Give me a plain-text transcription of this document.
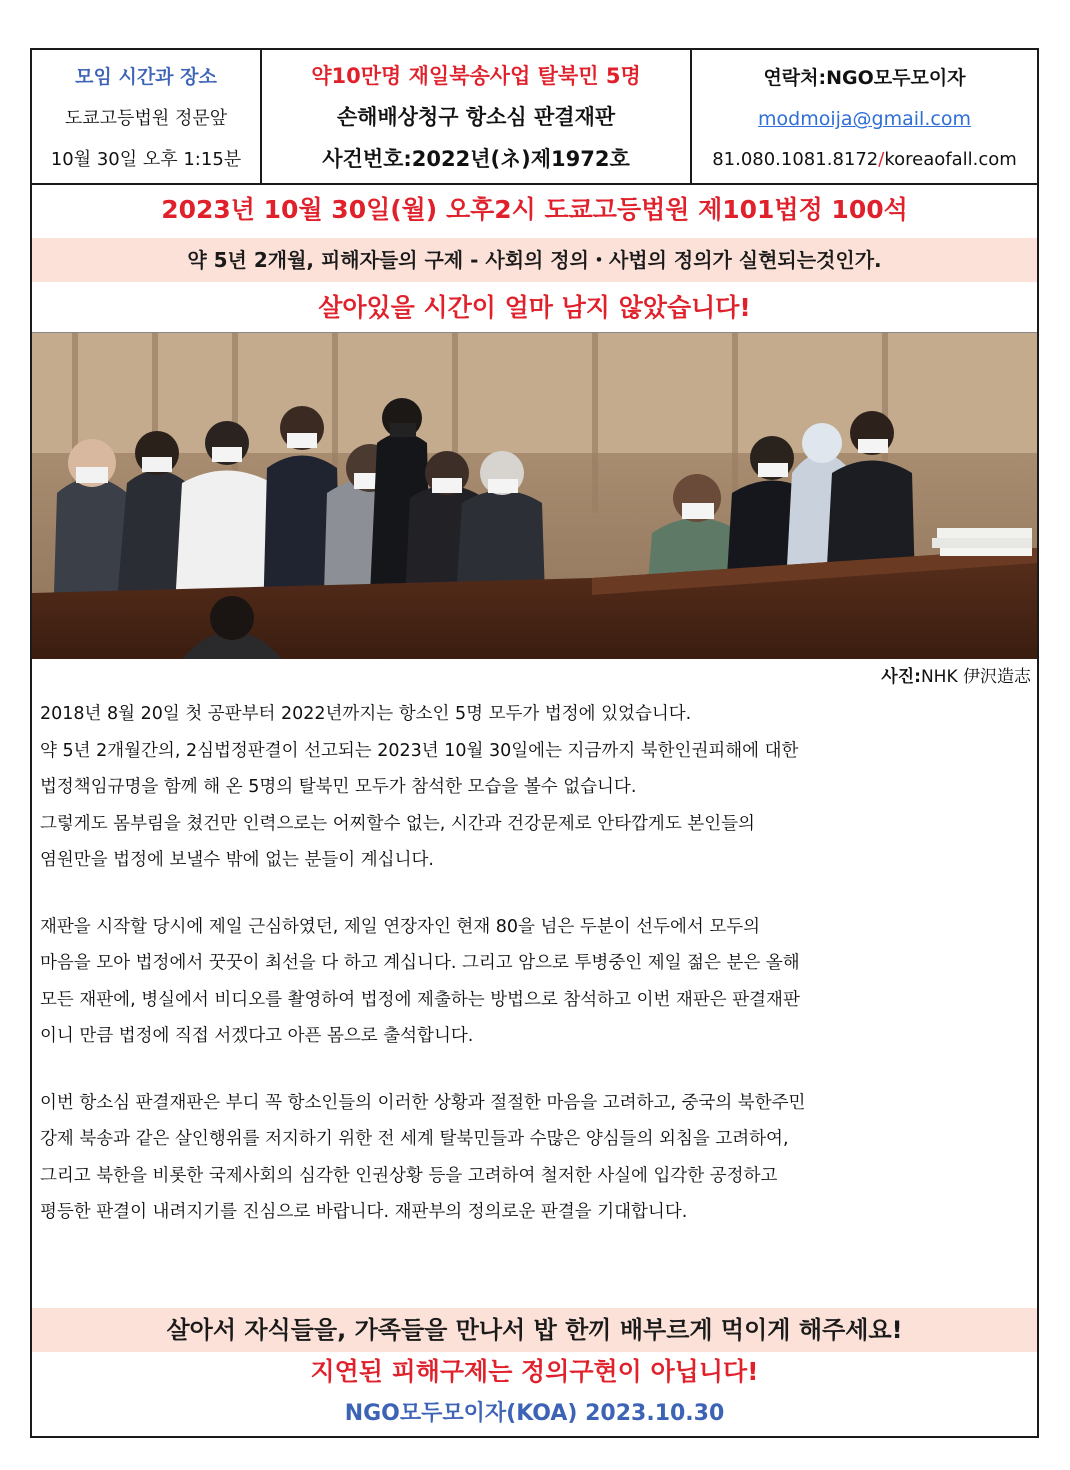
모임 시간과 장소
도쿄고등법원 정문앞
10월 30일 오후 1:15분
약10만명 재일북송사업 탈북민 5명
손해배상청구 항소심 판결재판
사건번호:2022년(ネ)제1972호
연락처:NGO모두모이자
modmoija@gmail.com
81.080.1081.8172/koreaofall.com
2023년 10월 30일(월) 오후2시 도쿄고등법원 제101법정 100석
약 5년 2개월, 피해자들의 구제 - 사회의 정의・사법의 정의가 실현되는것인가.
살아있을 시간이 얼마 남지 않았습니다!
사진:NHK 伊沢造志

2018년 8월 20일 첫 공판부터 2022년까지는 항소인 5명 모두가 법정에 있었습니다.
약 5년 2개월간의, 2심법정판결이 선고되는 2023년 10월 30일에는 지금까지 북한인권피해에 대한
법정책임규명을 함께 해 온 5명의 탈북민 모두가 참석한 모습을 볼수 없습니다.
그렇게도 몸부림을 쳤건만 인력으로는 어찌할수 없는, 시간과 건강문제로 안타깝게도 본인들의
염원만을 법정에 보낼수 밖에 없는 분들이 계십니다.

재판을 시작할 당시에 제일 근심하였던, 제일 연장자인 현재 80을 넘은 두분이 선두에서 모두의
마음을 모아 법정에서 꿋꿋이 최선을 다 하고 계십니다. 그리고 암으로 투병중인 제일 젊은 분은 올해
모든 재판에, 병실에서 비디오를 촬영하여 법정에 제출하는 방법으로 참석하고 이번 재판은 판결재판
이니 만큼 법정에 직접 서겠다고 아픈 몸으로 출석합니다.

이번 항소심 판결재판은 부디 꼭 항소인들의 이러한 상황과 절절한 마음을 고려하고, 중국의 북한주민
강제 북송과 같은 살인행위를 저지하기 위한 전 세계 탈북민들과 수많은 양심들의 외침을 고려하여,
그리고 북한을 비롯한 국제사회의 심각한 인권상황 등을 고려하여 철저한 사실에 입각한 공정하고
평등한 판결이 내려지기를 진심으로 바랍니다. 재판부의 정의로운 판결을 기대합니다.

살아서 자식들을, 가족들을 만나서 밥 한끼 배부르게 먹이게 해주세요!
지연된 피해구제는 정의구현이 아닙니다!
NGO모두모이자(KOA) 2023.10.30
